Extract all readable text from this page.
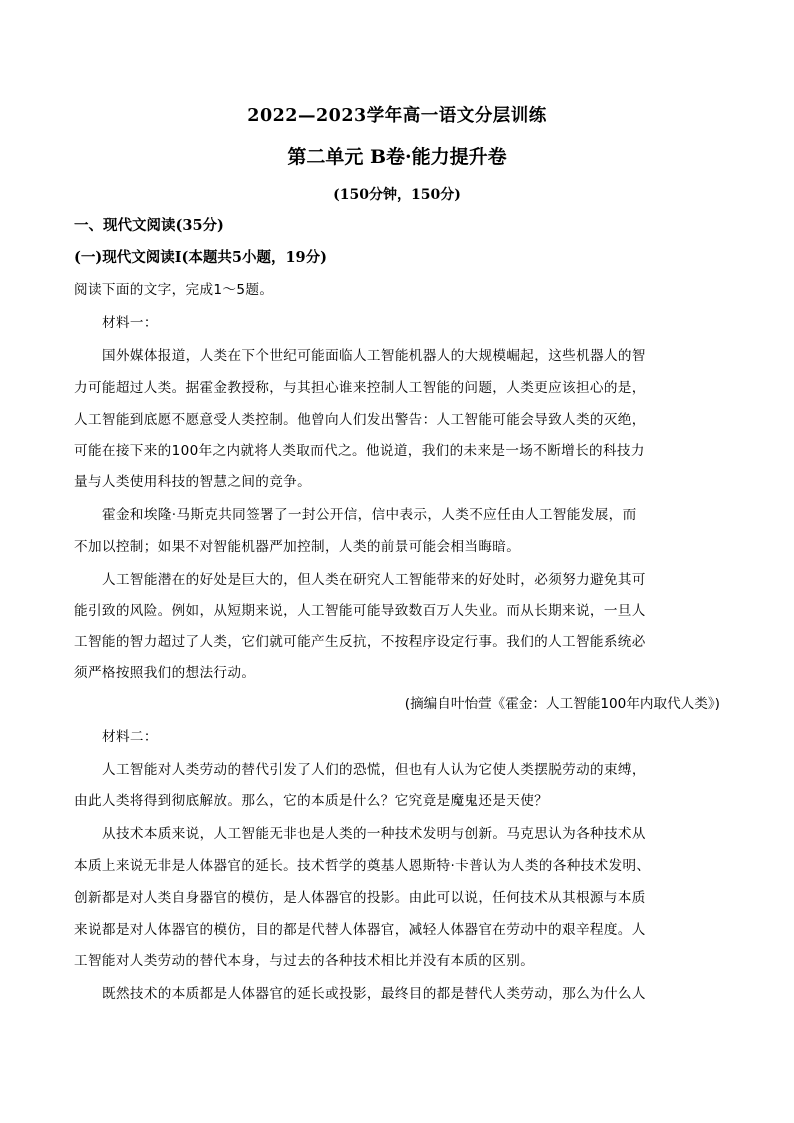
2022—2023学年高一语文分层训练
第二单元 B卷·能力提升卷
(150分钟，150分)
一、现代文阅读(35分)
(一)现代文阅读Ⅰ(本题共5小题，19分)
阅读下面的文字，完成1～5题。
材料一：
国外媒体报道，人类在下个世纪可能面临人工智能机器人的大规模崛起，这些机器人的智
力可能超过人类。据霍金教授称，与其担心谁来控制人工智能的问题，人类更应该担心的是，
人工智能到底愿不愿意受人类控制。他曾向人们发出警告：人工智能可能会导致人类的灭绝，
可能在接下来的100年之内就将人类取而代之。他说道，我们的未来是一场不断增长的科技力
量与人类使用科技的智慧之间的竞争。
霍金和埃隆·马斯克共同签署了一封公开信，信中表示，人类不应任由人工智能发展，而
不加以控制；如果不对智能机器严加控制，人类的前景可能会相当晦暗。
人工智能潜在的好处是巨大的，但人类在研究人工智能带来的好处时，必须努力避免其可
能引致的风险。例如，从短期来说，人工智能可能导致数百万人失业。而从长期来说，一旦人
工智能的智力超过了人类，它们就可能产生反抗，不按程序设定行事。我们的人工智能系统必
须严格按照我们的想法行动。
(摘编自叶怡萱《霍金：人工智能100年内取代人类》)
材料二：
人工智能对人类劳动的替代引发了人们的恐慌，但也有人认为它使人类摆脱劳动的束缚，
由此人类将得到彻底解放。那么，它的本质是什么？它究竟是魔鬼还是天使？
从技术本质来说，人工智能无非也是人类的一种技术发明与创新。马克思认为各种技术从
本质上来说无非是人体器官的延长。技术哲学的奠基人恩斯特·卡普认为人类的各种技术发明、
创新都是对人类自身器官的模仿，是人体器官的投影。由此可以说，任何技术从其根源与本质
来说都是对人体器官的模仿，目的都是代替人体器官，减轻人体器官在劳动中的艰辛程度。人
工智能对人类劳动的替代本身，与过去的各种技术相比并没有本质的区别。
既然技术的本质都是人体器官的延长或投影，最终目的都是替代人类劳动，那么为什么人
